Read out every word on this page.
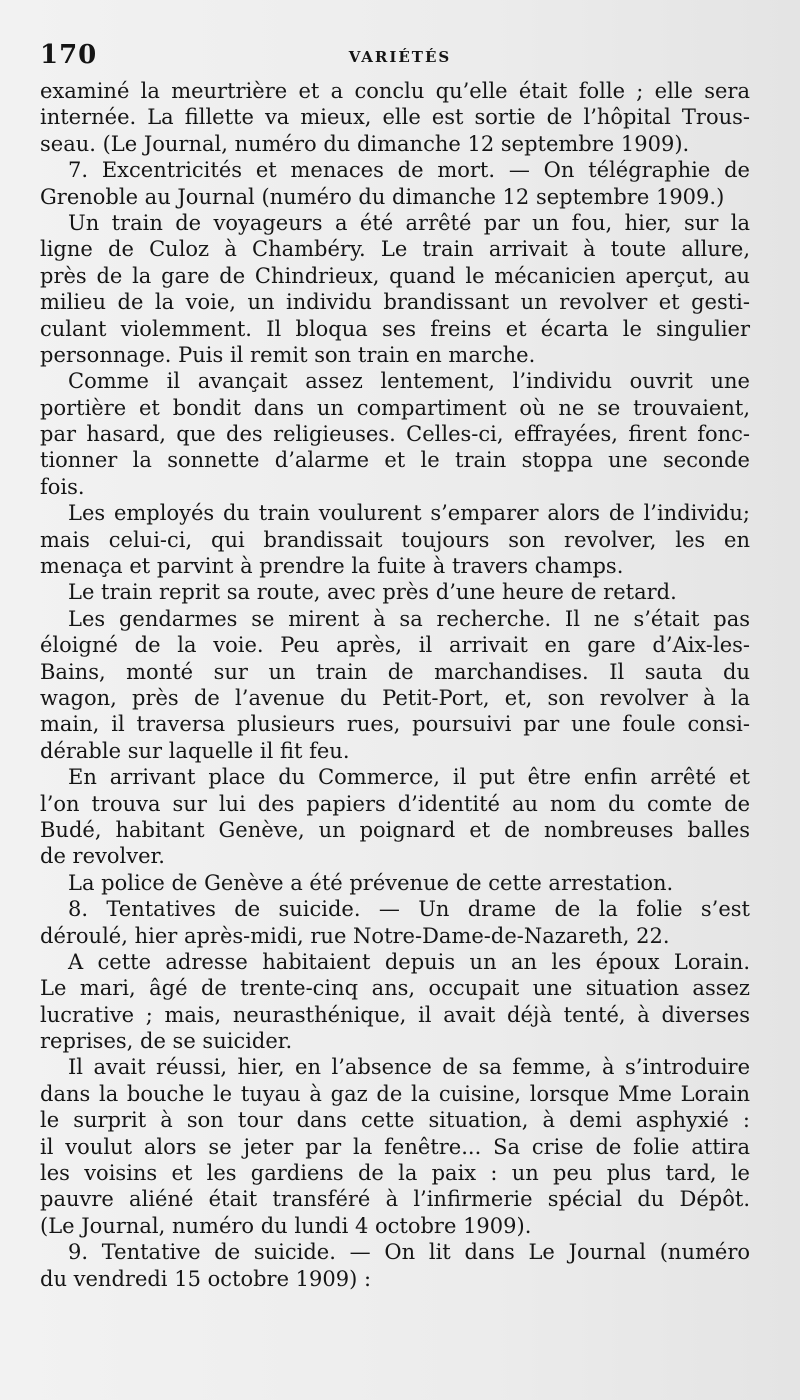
170	VARIÉTÉS
examiné la meurtrière et a conclu qu’elle était folle ; elle sera
internée. La fillette va mieux, elle est sortie de l’hôpital Trous-
seau. (Le Journal, numéro du dimanche 12 septembre 1909).
7. Excentricités et menaces de mort. — On télégraphie de
Grenoble au Journal (numéro du dimanche 12 septembre 1909.)
Un train de voyageurs a été arrêté par un fou, hier, sur la
ligne de Culoz à Chambéry. Le train arrivait à toute allure,
près de la gare de Chindrieux, quand le mécanicien aperçut, au
milieu de la voie, un individu brandissant un revolver et gesti-
culant violemment. Il bloqua ses freins et écarta le singulier
personnage. Puis il remit son train en marche.
Comme il avançait assez lentement, l’individu ouvrit une
portière et bondit dans un compartiment où ne se trouvaient,
par hasard, que des religieuses. Celles-ci, effrayées, firent fonc-
tionner la sonnette d’alarme et le train stoppa une seconde
fois.
Les employés du train voulurent s’emparer alors de l’individu;
mais celui-ci, qui brandissait toujours son revolver, les en
menaça et parvint à prendre la fuite à travers champs.
Le train reprit sa route, avec près d’une heure de retard.
Les gendarmes se mirent à sa recherche. Il ne s’était pas
éloigné de la voie. Peu après, il arrivait en gare d’Aix-les-
Bains, monté sur un train de marchandises. Il sauta du
wagon, près de l’avenue du Petit-Port, et, son revolver à la
main, il traversa plusieurs rues, poursuivi par une foule consi-
dérable sur laquelle il fit feu.
En arrivant place du Commerce, il put être enfin arrêté et
l’on trouva sur lui des papiers d’identité au nom du comte de
Budé, habitant Genève, un poignard et de nombreuses balles
de revolver.
La police de Genève a été prévenue de cette arrestation.
8. Tentatives de suicide. — Un drame de la folie s’est
déroulé, hier après-midi, rue Notre-Dame-de-Nazareth, 22.
A cette adresse habitaient depuis un an les époux Lorain.
Le mari, âgé de trente-cinq ans, occupait une situation assez
lucrative ; mais, neurasthénique, il avait déjà tenté, à diverses
reprises, de se suicider.
Il avait réussi, hier, en l’absence de sa femme, à s’introduire
dans la bouche le tuyau à gaz de la cuisine, lorsque Mme Lorain
le surprit à son tour dans cette situation, à demi asphyxié :
il voulut alors se jeter par la fenêtre... Sa crise de folie attira
les voisins et les gardiens de la paix : un peu plus tard, le
pauvre aliéné était transféré à l’infirmerie spécial du Dépôt.
(Le Journal, numéro du lundi 4 octobre 1909).
9. Tentative de suicide. — On lit dans Le Journal (numéro
du vendredi 15 octobre 1909) :
